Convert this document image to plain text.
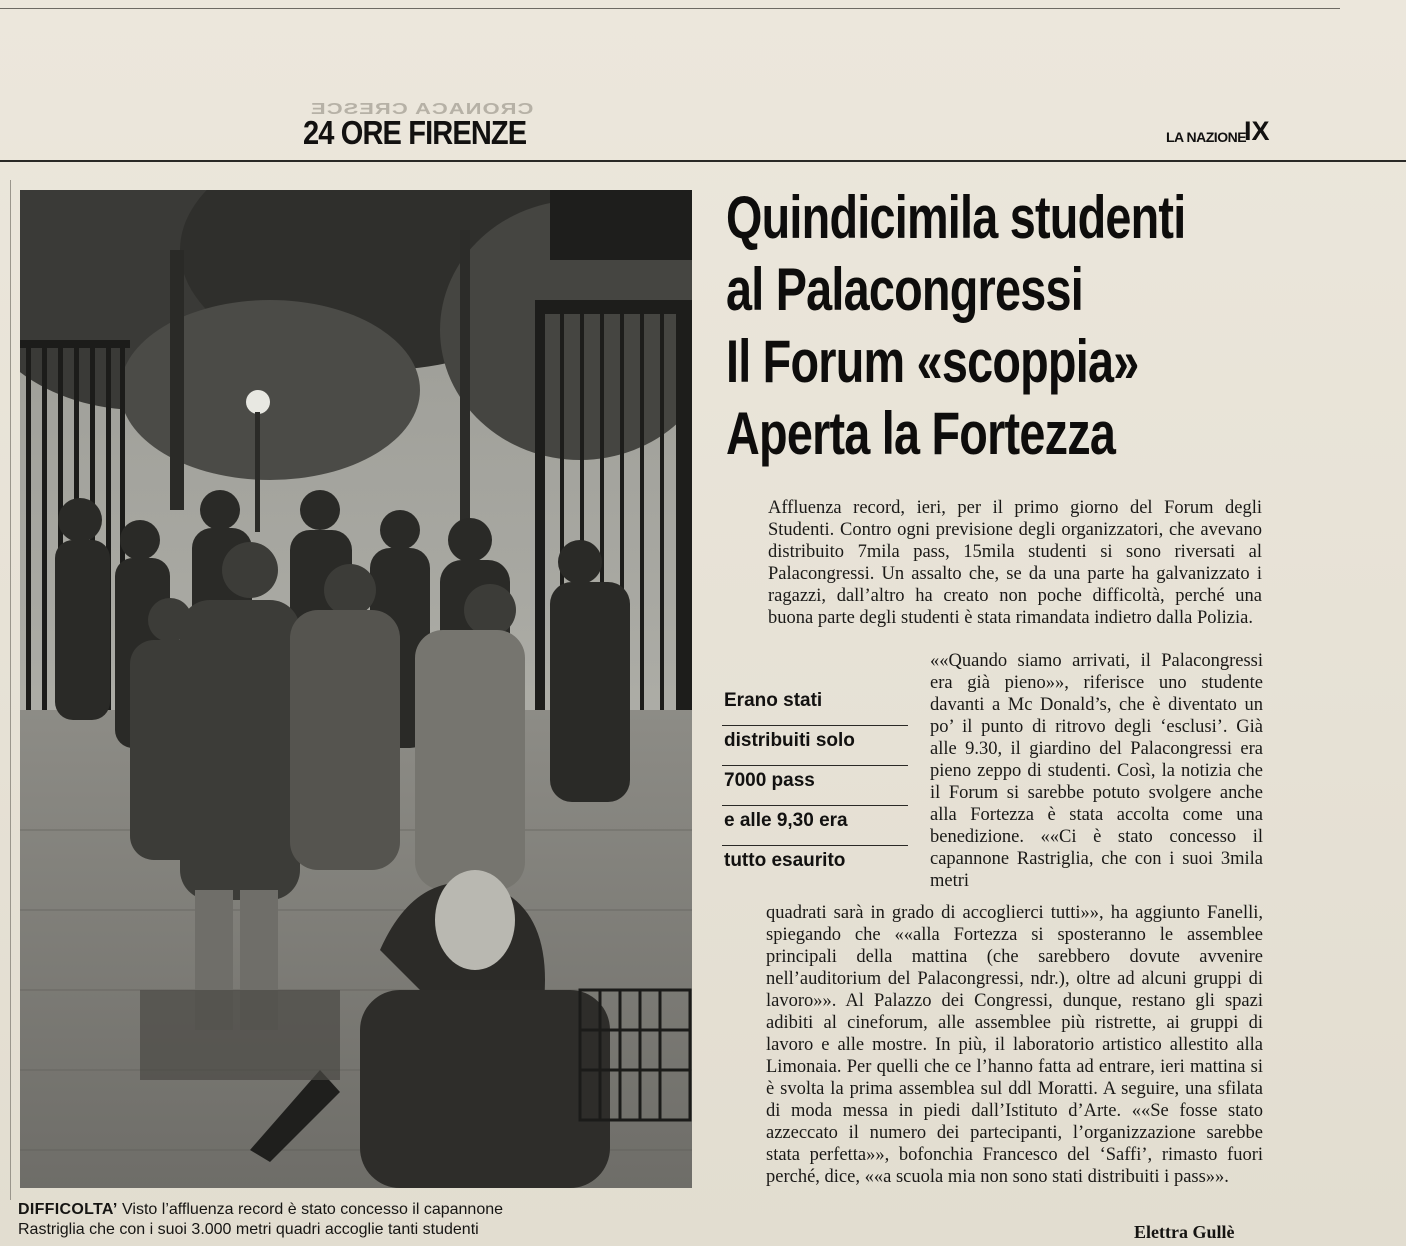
CRONACA CRESCE
24 ORE FIRENZE	LA NAZIONE
IX
DIFFICOLTA’ Visto l’affluenza record è stato concesso il capannone
Rastriglia che con i suoi 3.000 metri quadri accoglie tanti studenti
Quindicimila studenti
al Palacongressi
Il Forum «scoppia»
Aperta la Fortezza
Affluenza record, ieri, per il primo giorno del Forum degli Studenti. Contro ogni previsione degli organizzatori, che avevano distribuito 7mila pass, 15mila studenti si sono riversati al Palacongressi. Un assalto che, se da una parte ha galvanizzato i ragazzi, dall’altro ha creato non poche difficoltà, perché una buona parte degli studenti è stata rimandata indietro dalla Polizia.
Erano stati
distribuiti solo
7000 pass
e alle 9,30 era
tutto esaurito
««Quando siamo arrivati, il Palacongressi era già pieno»», riferisce uno studente davanti a Mc Donald’s, che è diventato un po’ il punto di ritrovo degli ‘esclusi’. Già alle 9.30, il giardino del Palacongressi era pieno zeppo di studenti. Così, la notizia che il Forum si sarebbe potuto svolgere anche alla Fortezza è stata accolta come una benedizione. ««Ci è stato concesso il capannone Rastriglia, che con i suoi 3mila metri
quadrati sarà in grado di accoglierci tutti»», ha aggiunto Fanelli, spiegando che ««alla Fortezza si sposteranno le assemblee principali della mattina (che sarebbero dovute avvenire nell’auditorium del Palacongressi, ndr.), oltre ad alcuni gruppi di lavoro»». Al Palazzo dei Congressi, dunque, restano gli spazi adibiti al cineforum, alle assemblee più ristrette, ai gruppi di lavoro e alle mostre. In più, il laboratorio artistico allestito alla Limonaia. Per quelli che ce l’hanno fatta ad entrare, ieri mattina si è svolta la prima assemblea sul ddl Moratti. A seguire, una sfilata di moda messa in piedi dall’Istituto d’Arte. ««Se fosse stato azzeccato il numero dei partecipanti, l’organizzazione sarebbe stata perfetta»», bofonchia Francesco del ‘Saffi’, rimasto fuori perché, dice, ««a scuola mia non sono stati distribuiti i pass»».
Elettra Gullè
